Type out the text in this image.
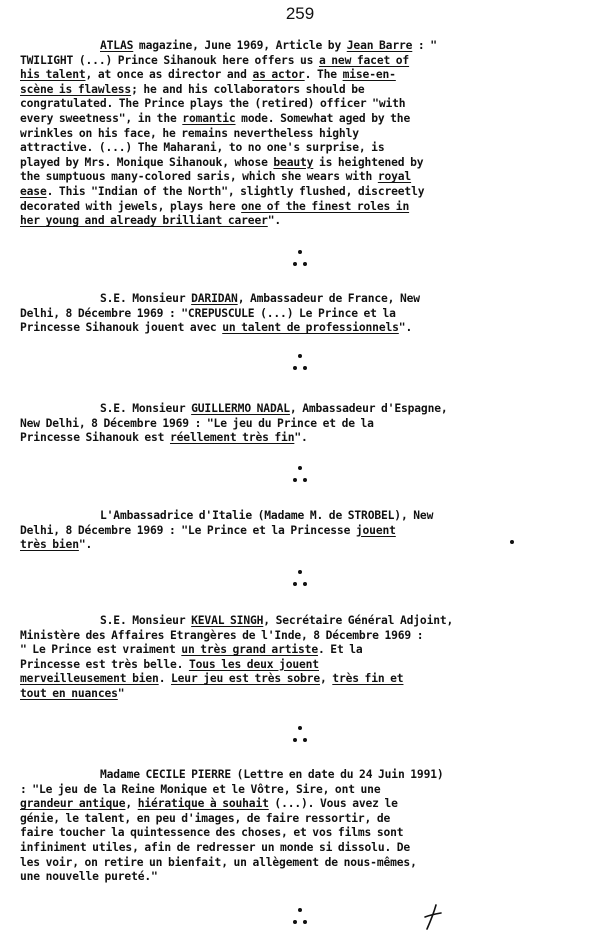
259
ATLAS magazine, June 1969, Article by Jean Barre : "
TWILIGHT (...) Prince Sihanouk here offers us a new facet of
his talent, at once as director and as actor. The mise-en-
scène is flawless; he and his collaborators should be
congratulated. The Prince plays the (retired) officer "with
every sweetness", in the romantic mode. Somewhat aged by the
wrinkles on his face, he remains nevertheless highly
attractive. (...) The Maharani, to no one's surprise, is
played by Mrs. Monique Sihanouk, whose beauty is heightened by
the sumptuous many-colored saris, which she wears with royal
ease. This "Indian of the North", slightly flushed, discreetly
decorated with jewels, plays here one of the finest roles in
her young and already brilliant career".
S.E. Monsieur DARIDAN, Ambassadeur de France, New
Delhi, 8 Décembre 1969 : "CREPUSCULE (...) Le Prince et la
Princesse Sihanouk jouent avec un talent de professionnels".
S.E. Monsieur GUILLERMO NADAL, Ambassadeur d'Espagne,
New Delhi, 8 Décembre 1969 : "Le jeu du Prince et de la
Princesse Sihanouk est réellement très fin".
L'Ambassadrice d'Italie (Madame M. de STROBEL), New
Delhi, 8 Décembre 1969 : "Le Prince et la Princesse jouent
très bien".
S.E. Monsieur KEVAL SINGH, Secrétaire Général Adjoint,
Ministère des Affaires Etrangères de l'Inde, 8 Décembre 1969 :
" Le Prince est vraiment un très grand artiste. Et la
Princesse est très belle. Tous les deux jouent
merveilleusement bien. Leur jeu est très sobre, très fin et
tout en nuances"
Madame CECILE PIERRE (Lettre en date du 24 Juin 1991)
: "Le jeu de la Reine Monique et le Vôtre, Sire, ont une
grandeur antique, hiératique à souhait (...). Vous avez le
génie, le talent, en peu d'images, de faire ressortir, de
faire toucher la quintessence des choses, et vos films sont
infiniment utiles, afin de redresser un monde si dissolu. De
les voir, on retire un bienfait, un allègement de nous-mêmes,
une nouvelle pureté."
